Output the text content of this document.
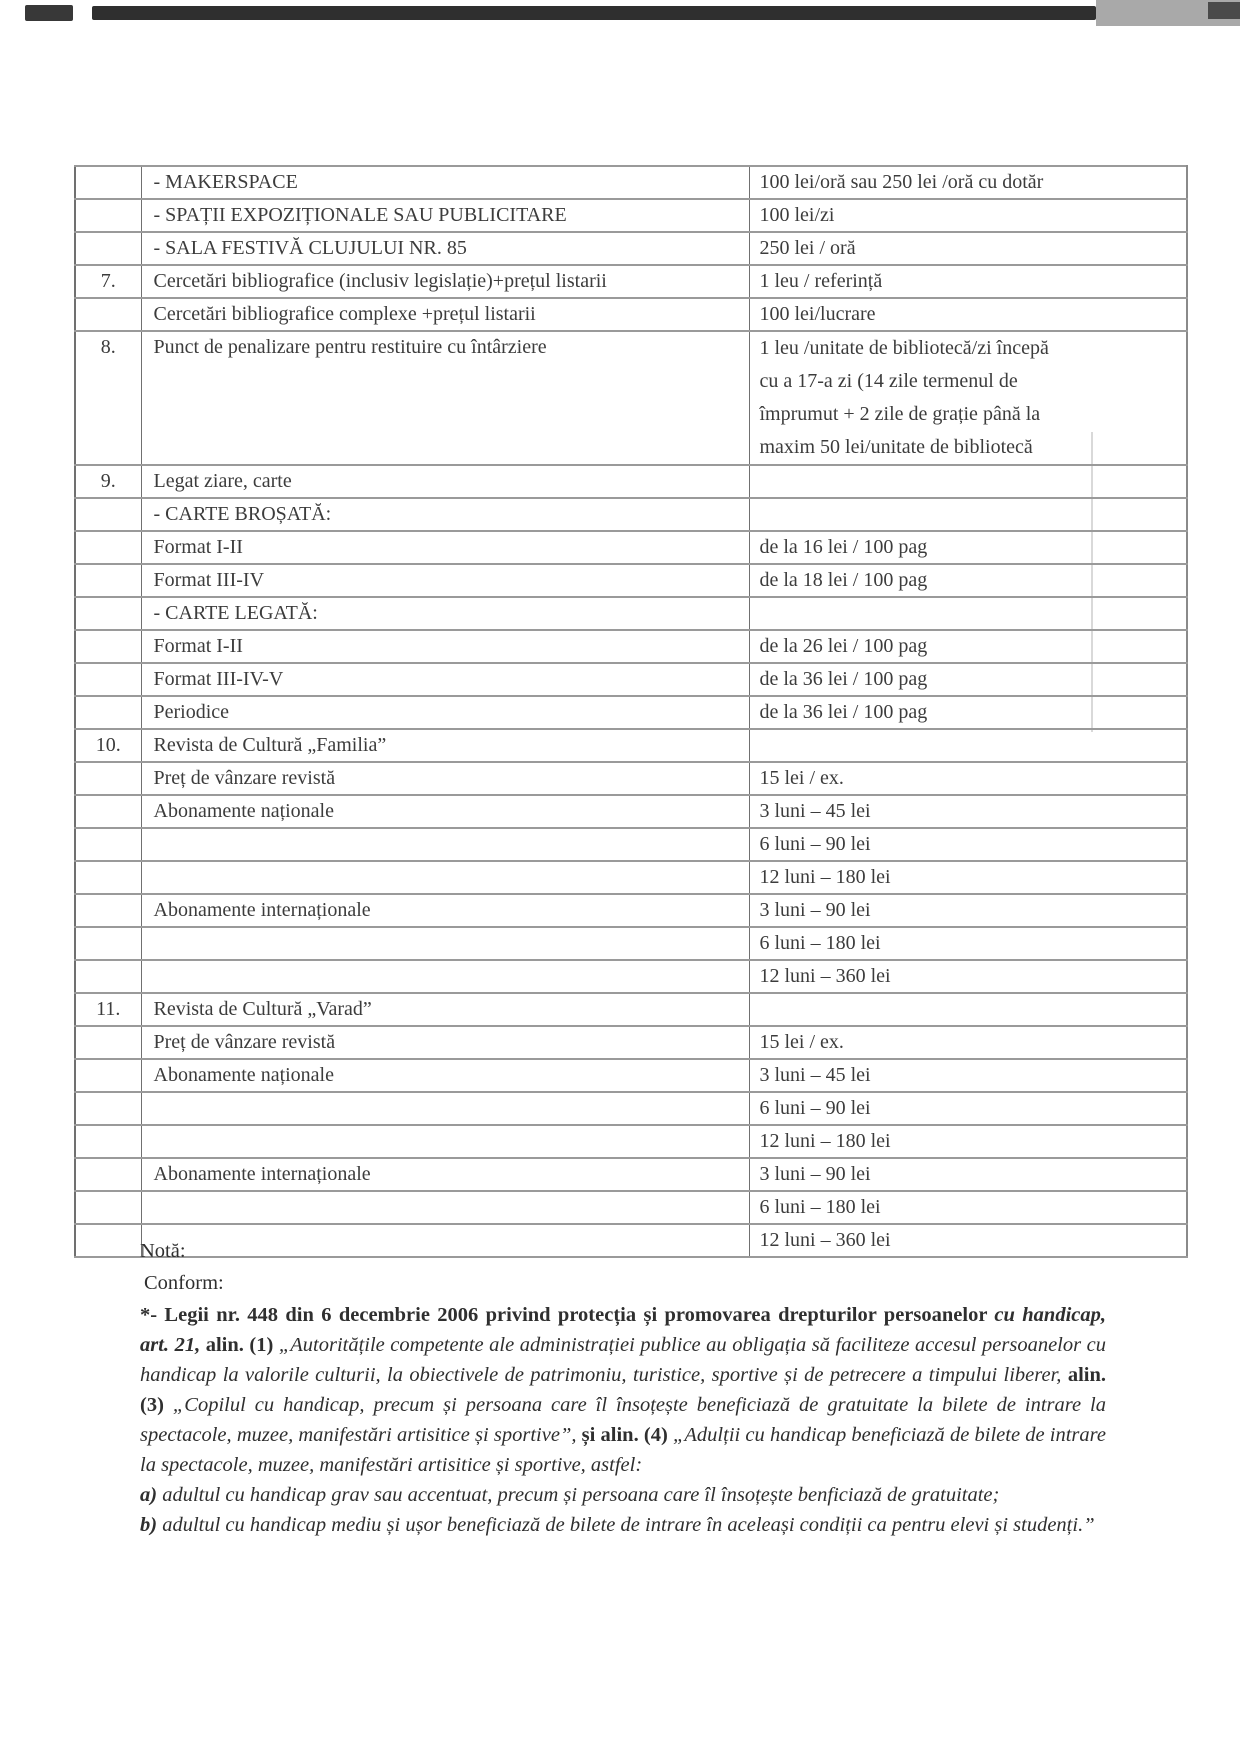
	- MAKERSPACE	100 lei/oră sau 250 lei /oră cu dotăr
	- SPAȚII EXPOZIȚIONALE SAU PUBLICITARE	100 lei/zi
	- SALA FESTIVĂ CLUJULUI NR. 85	250 lei / oră
7.	Cercetări bibliografice (inclusiv legislație)+prețul listarii	1 leu / referință
	Cercetări bibliografice complexe +prețul listarii	100 lei/lucrare
8.	Punct de penalizare pentru restituire cu întârziere	1 leu /unitate de bibliotecă/zi începă
cu a 17-a zi (14 zile termenul de
împrumut + 2 zile de grație până la
maxim 50 lei/unitate de bibliotecă

9.	Legat ziare, carte	
	- CARTE BROȘATĂ:	
	Format I-II	de la 16 lei / 100 pag
	Format III-IV	de la 18 lei / 100 pag
	- CARTE LEGATĂ:	
	Format I-II	de la 26 lei / 100 pag
	Format III-IV-V	de la 36 lei / 100 pag
	Periodice	de la 36 lei / 100 pag
10.	Revista de Cultură „Familia”	
	Preț de vânzare revistă	15 lei / ex.
	Abonamente naționale	3 luni – 45 lei
		6 luni – 90 lei
		12 luni – 180 lei
	Abonamente internaționale	3 luni – 90 lei
		6 luni – 180 lei
		12 luni – 360 lei
11.	Revista de Cultură „Varad”	
	Preț de vânzare revistă	15 lei / ex.
	Abonamente naționale	3 luni – 45 lei
		6 luni – 90 lei
		12 luni – 180 lei
	Abonamente internaționale	3 luni – 90 lei
		6 luni – 180 lei
		12 luni – 360 lei
Notă:
Conform:

*- Legii nr. 448 din 6 decembrie 2006 privind protecția și promovarea drepturilor persoanelor cu handicap, art. 21, alin. (1) „Autoritățile competente ale administrației publice au obligația să faciliteze accesul persoanelor cu handicap la valorile culturii, la obiectivele de patrimoniu, turistice, sportive și de petrecere a timpului liberer, alin. (3) „Copilul cu handicap, precum și persoana care îl însoțește beneficiază de gratuitate la bilete de intrare la spectacole, muzee, manifestări artisitice și sportive”, și alin. (4) „Adulții cu handicap beneficiază de bilete de intrare la spectacole, muzee, manifestări artisitice și sportive, astfel:

a) adultul cu handicap grav sau accentuat, precum și persoana care îl însoțește benficiază de gratuitate;

b) adultul cu handicap mediu și ușor beneficiază de bilete de intrare în aceleași condiții ca pentru elevi și studenți.”
